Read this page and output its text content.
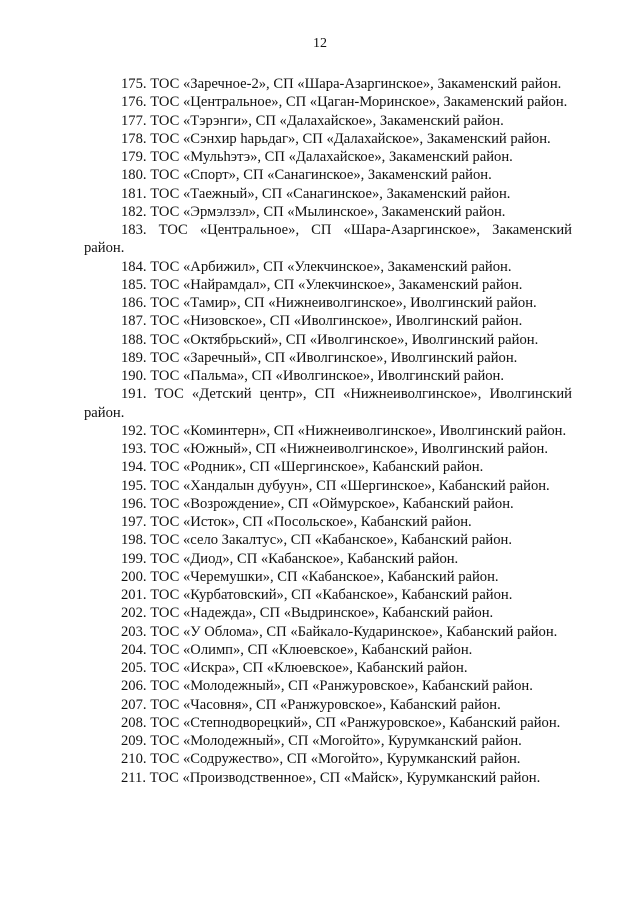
12

175. ТОС «Заречное-2», СП «Шара-Азаргинское», Закаменский район.

176. ТОС «Центральное», СП «Цаган-Моринское», Закаменский район.

177. ТОС «Тэрэнги», СП «Далахайское», Закаменский район.

178. ТОС «Сэнхир hарьдаг», СП «Далахайское», Закаменский район.

179. ТОС «Мульhэтэ», СП «Далахайское», Закаменский район.

180. ТОС «Спорт», СП «Санагинское», Закаменский район.

181. ТОС «Таежный», СП «Санагинское», Закаменский район.

182. ТОС «Эрмэлзэл», СП «Мылинское», Закаменский район.

183. ТОС «Центральное», СП «Шара-Азаргинское», Закаменский район.

184. ТОС «Арбижил», СП «Улекчинское», Закаменский район.

185. ТОС «Найрамдал», СП «Улекчинское», Закаменский район.

186. ТОС «Тамир», СП «Нижнеиволгинское», Иволгинский район.

187. ТОС «Низовское», СП «Иволгинское», Иволгинский район.

188. ТОС «Октябрьский», СП «Иволгинское», Иволгинский район.

189. ТОС «Заречный», СП «Иволгинское», Иволгинский район.

190. ТОС «Пальма», СП «Иволгинское», Иволгинский район.

191. ТОС «Детский центр», СП «Нижнеиволгинское», Иволгинский район.

192. ТОС «Коминтерн», СП «Нижнеиволгинское», Иволгинский район.

193. ТОС «Южный», СП «Нижнеиволгинское», Иволгинский район.

194. ТОС «Родник», СП «Шергинское», Кабанский район.

195. ТОС «Хандалын дубуун», СП «Шергинское», Кабанский район.

196. ТОС «Возрождение», СП «Оймурское», Кабанский район.

197. ТОС «Исток», СП «Посольское», Кабанский район.

198. ТОС «село Закалтус», СП «Кабанское», Кабанский район.

199. ТОС «Диод», СП «Кабанское», Кабанский район.

200. ТОС «Черемушки», СП «Кабанское», Кабанский район.

201. ТОС «Курбатовский», СП «Кабанское», Кабанский район.

202. ТОС «Надежда», СП «Выдринское», Кабанский район.

203. ТОС «У Облома», СП «Байкало-Кударинское», Кабанский район.

204. ТОС «Олимп», СП «Клюевское», Кабанский район.

205. ТОС «Искра», СП «Клюевское», Кабанский район.

206. ТОС «Молодежный», СП «Ранжуровское», Кабанский район.

207. ТОС «Часовня», СП «Ранжуровское», Кабанский район.

208. ТОС «Степнодворецкий», СП «Ранжуровское», Кабанский район.

209. ТОС «Молодежный», СП «Могойто», Курумканский район.

210. ТОС «Содружество», СП «Могойто», Курумканский район.

211. ТОС «Производственное», СП «Майск», Курумканский район.
